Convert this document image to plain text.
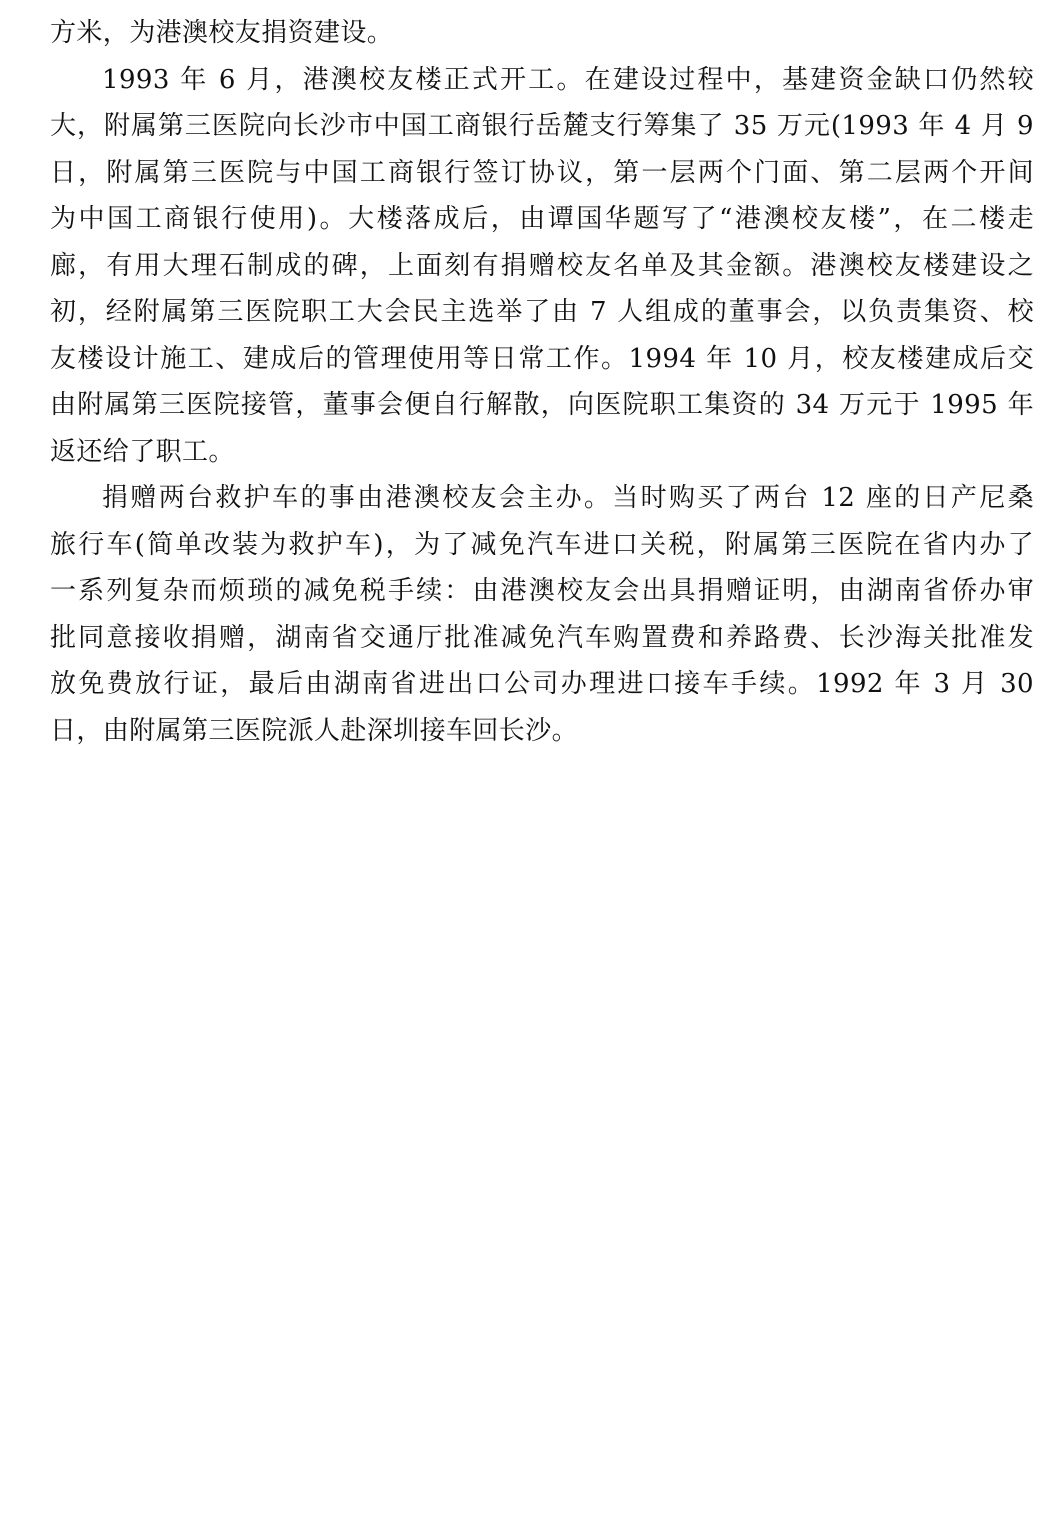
方米，为港澳校友捐资建设。

1993 年 6 月，港澳校友楼正式开工。在建设过程中，基建资金缺口仍然较
大，附属第三医院向长沙市中国工商银行岳麓支行筹集了 35 万元(1993 年 4 月 9
日，附属第三医院与中国工商银行签订协议，第一层两个门面、第二层两个开间
为中国工商银行使用)。大楼落成后，由谭国华题写了“港澳校友楼”，在二楼走
廊，有用大理石制成的碑，上面刻有捐赠校友名单及其金额。港澳校友楼建设之
初，经附属第三医院职工大会民主选举了由 7 人组成的董事会，以负责集资、校
友楼设计施工、建成后的管理使用等日常工作。1994 年 10 月，校友楼建成后交
由附属第三医院接管，董事会便自行解散，向医院职工集资的 34 万元于 1995 年
返还给了职工。

捐赠两台救护车的事由港澳校友会主办。当时购买了两台 12 座的日产尼桑
旅行车(简单改装为救护车)，为了减免汽车进口关税，附属第三医院在省内办了
一系列复杂而烦琐的减免税手续：由港澳校友会出具捐赠证明，由湖南省侨办审
批同意接收捐赠，湖南省交通厅批准减免汽车购置费和养路费、长沙海关批准发
放免费放行证，最后由湖南省进出口公司办理进口接车手续。1992 年 3 月 30
日，由附属第三医院派人赴深圳接车回长沙。
